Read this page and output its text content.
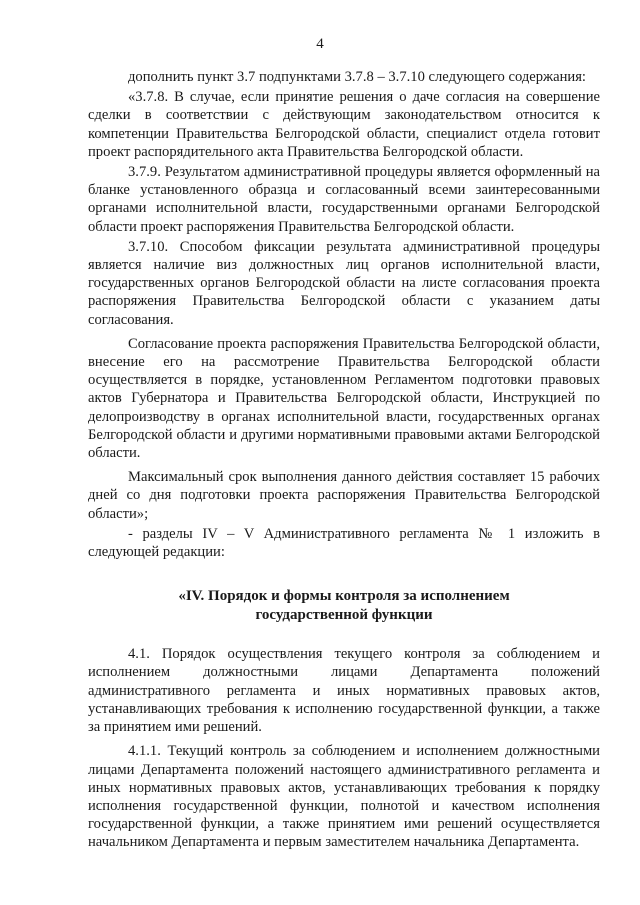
4

дополнить пункт 3.7 подпунктами 3.7.8 – 3.7.10 следующего содержания:

«3.7.8. В случае, если принятие решения о даче согласия на совершение сделки в соответствии с действующим законодательством относится к компетенции Правительства Белгородской области, специалист отдела готовит проект распорядительного акта Правительства Белгородской области.

3.7.9. Результатом административной процедуры является оформленный на бланке установленного образца и согласованный всеми заинтересованными органами исполнительной власти, государственными органами Белгородской области проект распоряжения Правительства Белгородской области.

3.7.10. Способом фиксации результата административной процедуры является наличие виз должностных лиц органов исполнительной власти, государственных органов Белгородской области на листе согласования проекта распоряжения Правительства Белгородской области с указанием даты согласования.

Согласование проекта распоряжения Правительства Белгородской области, внесение его на рассмотрение Правительства Белгородской области осуществляется в порядке, установленном Регламентом подготовки правовых актов Губернатора и Правительства Белгородской области, Инструкцией по делопроизводству в органах исполнительной власти, государственных органах Белгородской области и другими нормативными правовыми актами Белгородской области.

Максимальный срок выполнения данного действия составляет 15 рабочих дней со дня подготовки проекта распоряжения Правительства Белгородской области»;

- разделы IV – V Административного регламента № 1 изложить в следующей редакции:

«IV. Порядок и формы контроля за исполнением
государственной функции

4.1. Порядок осуществления текущего контроля за соблюдением и исполнением должностными лицами Департамента положений административного регламента и иных нормативных правовых актов, устанавливающих требования к исполнению государственной функции, а также за принятием ими решений.

4.1.1. Текущий контроль за соблюдением и исполнением должностными лицами Департамента положений настоящего административного регламента и иных нормативных правовых актов, устанавливающих требования к порядку исполнения государственной функции, полнотой и качеством исполнения государственной функции, а также принятием ими решений осуществляется начальником Департамента и первым заместителем начальника Департамента.
